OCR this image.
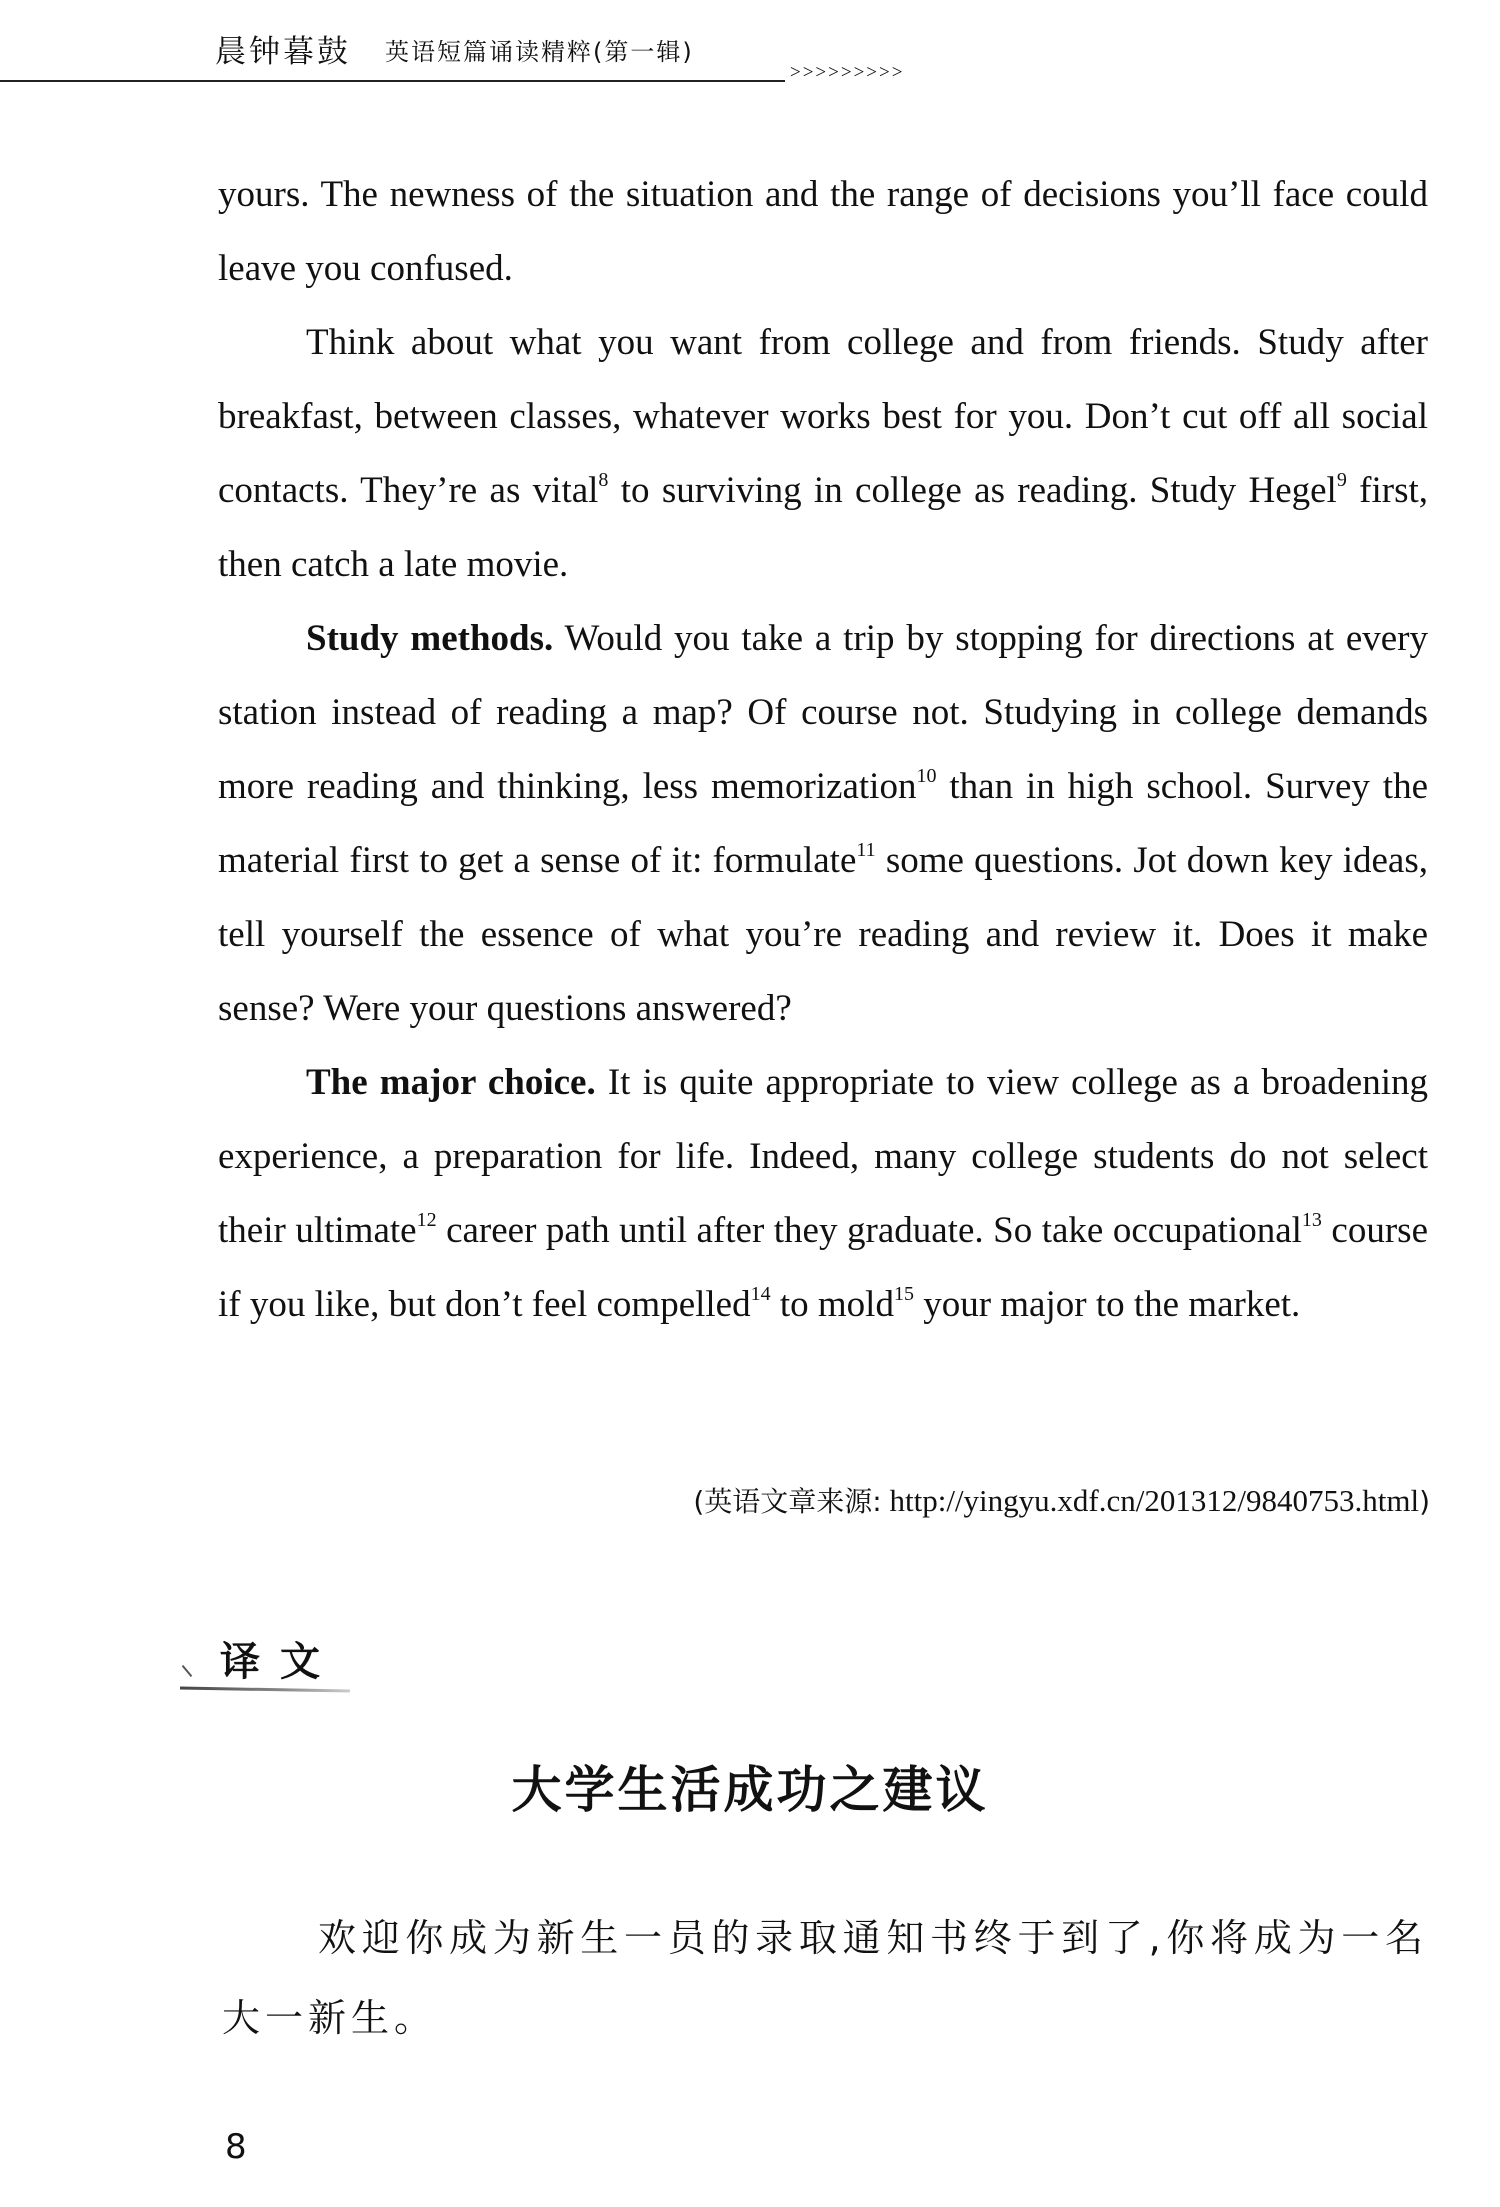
晨钟暮鼓 英语短篇诵读精粹(第一辑)
>>>>>>>>>

yours. The newness of the situation and the range of decisions you’ll face could leave you confused.

Think about what you want from college and from friends. Study after breakfast, between classes, whatever works best for you. Don’t cut off all social contacts. They’re as vital$^8$ to surviving in college as reading. Study Hegel$^9$ first, then catch a late movie.

Study methods. Would you take a trip by stopping for directions at every station instead of reading a map? Of course not. Studying in college demands more reading and thinking, less memorization$^{10}$ than in high school. Survey the material first to get a sense of it: formulate$^{11}$ some questions. Jot down key ideas, tell yourself the essence of what you’re reading and review it. Does it make sense? Were your questions answered?

The major choice. It is quite appropriate to view college as a broadening experience, a preparation for life. Indeed, many college students do not select their ultimate$^{12}$ career path until after they graduate. So take occupational$^{13}$ course if you like, but don’t feel compelled$^{14}$ to mold$^{15}$ your major to the market.

(英语文章来源: http://yingyu.xdf.cn/201312/9840753.html)
译文
大学生活成功之建议
欢迎你成为新生一员的录取通知书终于到了,你将成为一名大一新生。
8
